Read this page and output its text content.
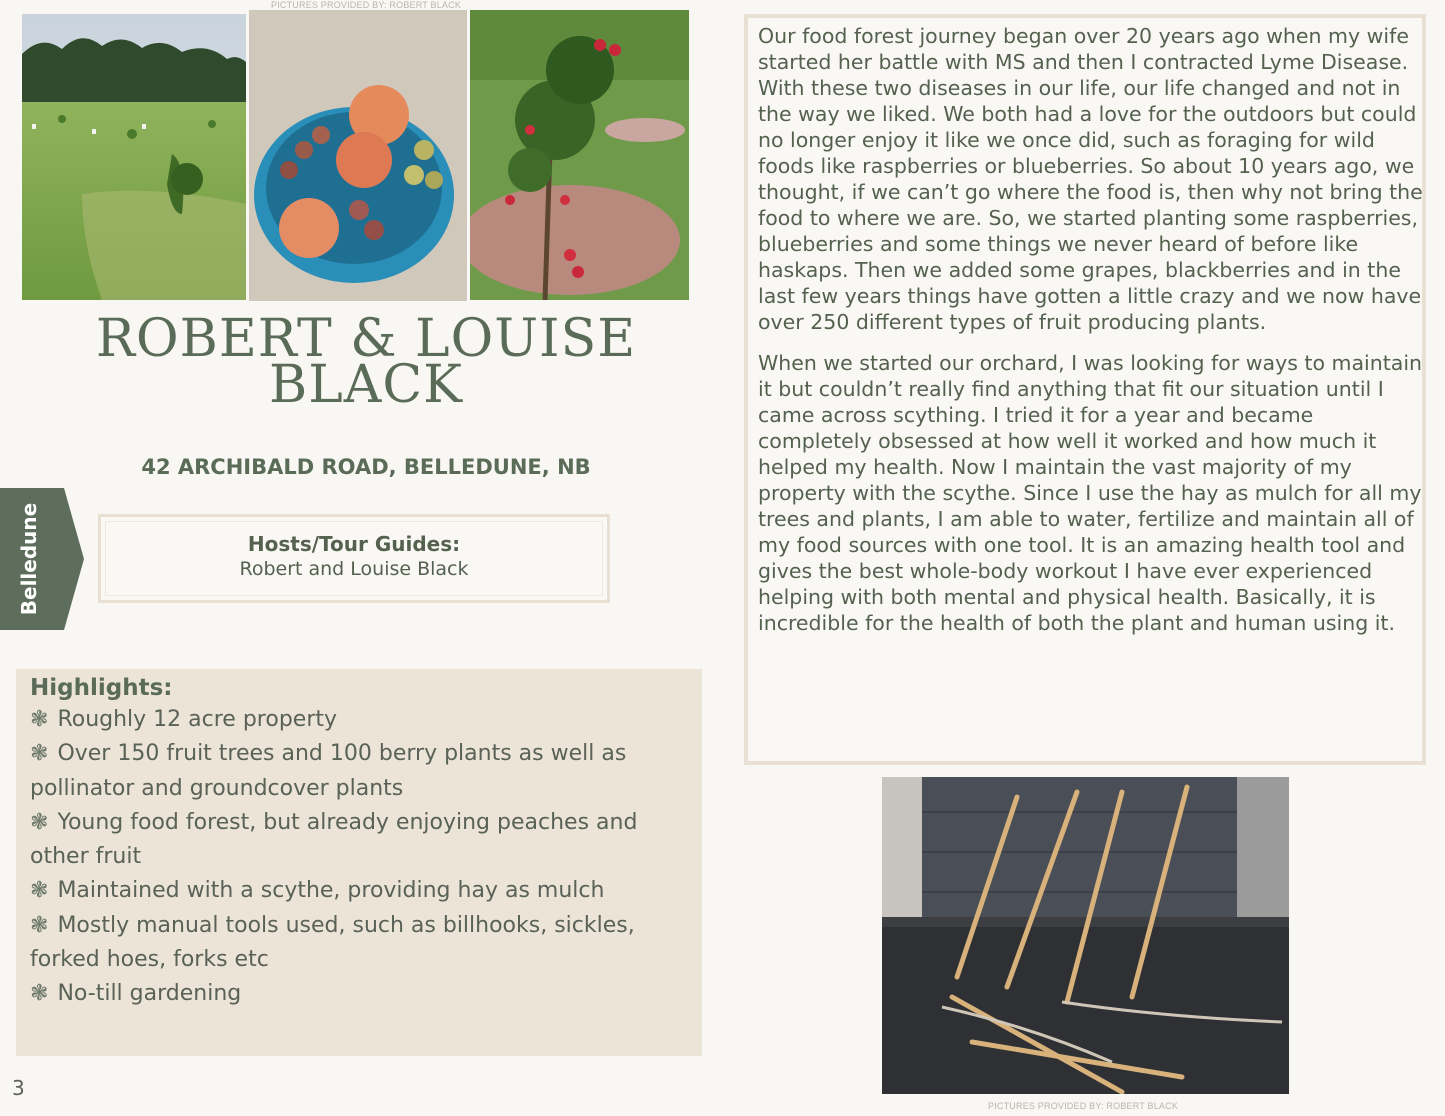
PICTURES PROVIDED BY: ROBERT BLACK
ROBERT & LOUISE
BLACK
42 ARCHIBALD ROAD, BELLEDUNE, NB
Belledune	Hosts/Tour Guides:
Robert and Louise Black
Highlights:
❃ Roughly 12 acre property
❃ Over 150 fruit trees and 100 berry plants as well as pollinator and groundcover plants
❃ Young food forest, but already enjoying peaches and other fruit
❃ Maintained with a scythe, providing hay as mulch
❃ Mostly manual tools used, such as billhooks, sickles, forked hoes, forks etc
❃ No-till gardening

Our food forest journey began over 20 years ago when my wife started her battle with MS and then I contracted Lyme Disease. With these two diseases in our life, our life changed and not in the way we liked. We both had a love for the outdoors but could no longer enjoy it like we once did, such as foraging for wild foods like raspberries or blueberries. So about 10 years ago, we thought, if we can’t go where the food is, then why not bring the food to where we are. So, we started planting some raspberries, blueberries and some things we never heard of before like haskaps. Then we added some grapes, blackberries and in the last few years things have gotten a little crazy and we now have over 250 different types of fruit producing plants.

When we started our orchard, I was looking for ways to maintain it but couldn’t really find anything that fit our situation until I came across scything. I tried it for a year and became completely obsessed at how well it worked and how much it helped my health. Now I maintain the vast majority of my property with the scythe. Since I use the hay as mulch for all my trees and plants, I am able to water, fertilize and maintain all of my food sources with one tool. It is an amazing health tool and gives the best whole-body workout I have ever experienced helping with both mental and physical health. Basically, it is incredible for the health of both the plant and human using it.

PICTURES PROVIDED BY: ROBERT BLACK
3
